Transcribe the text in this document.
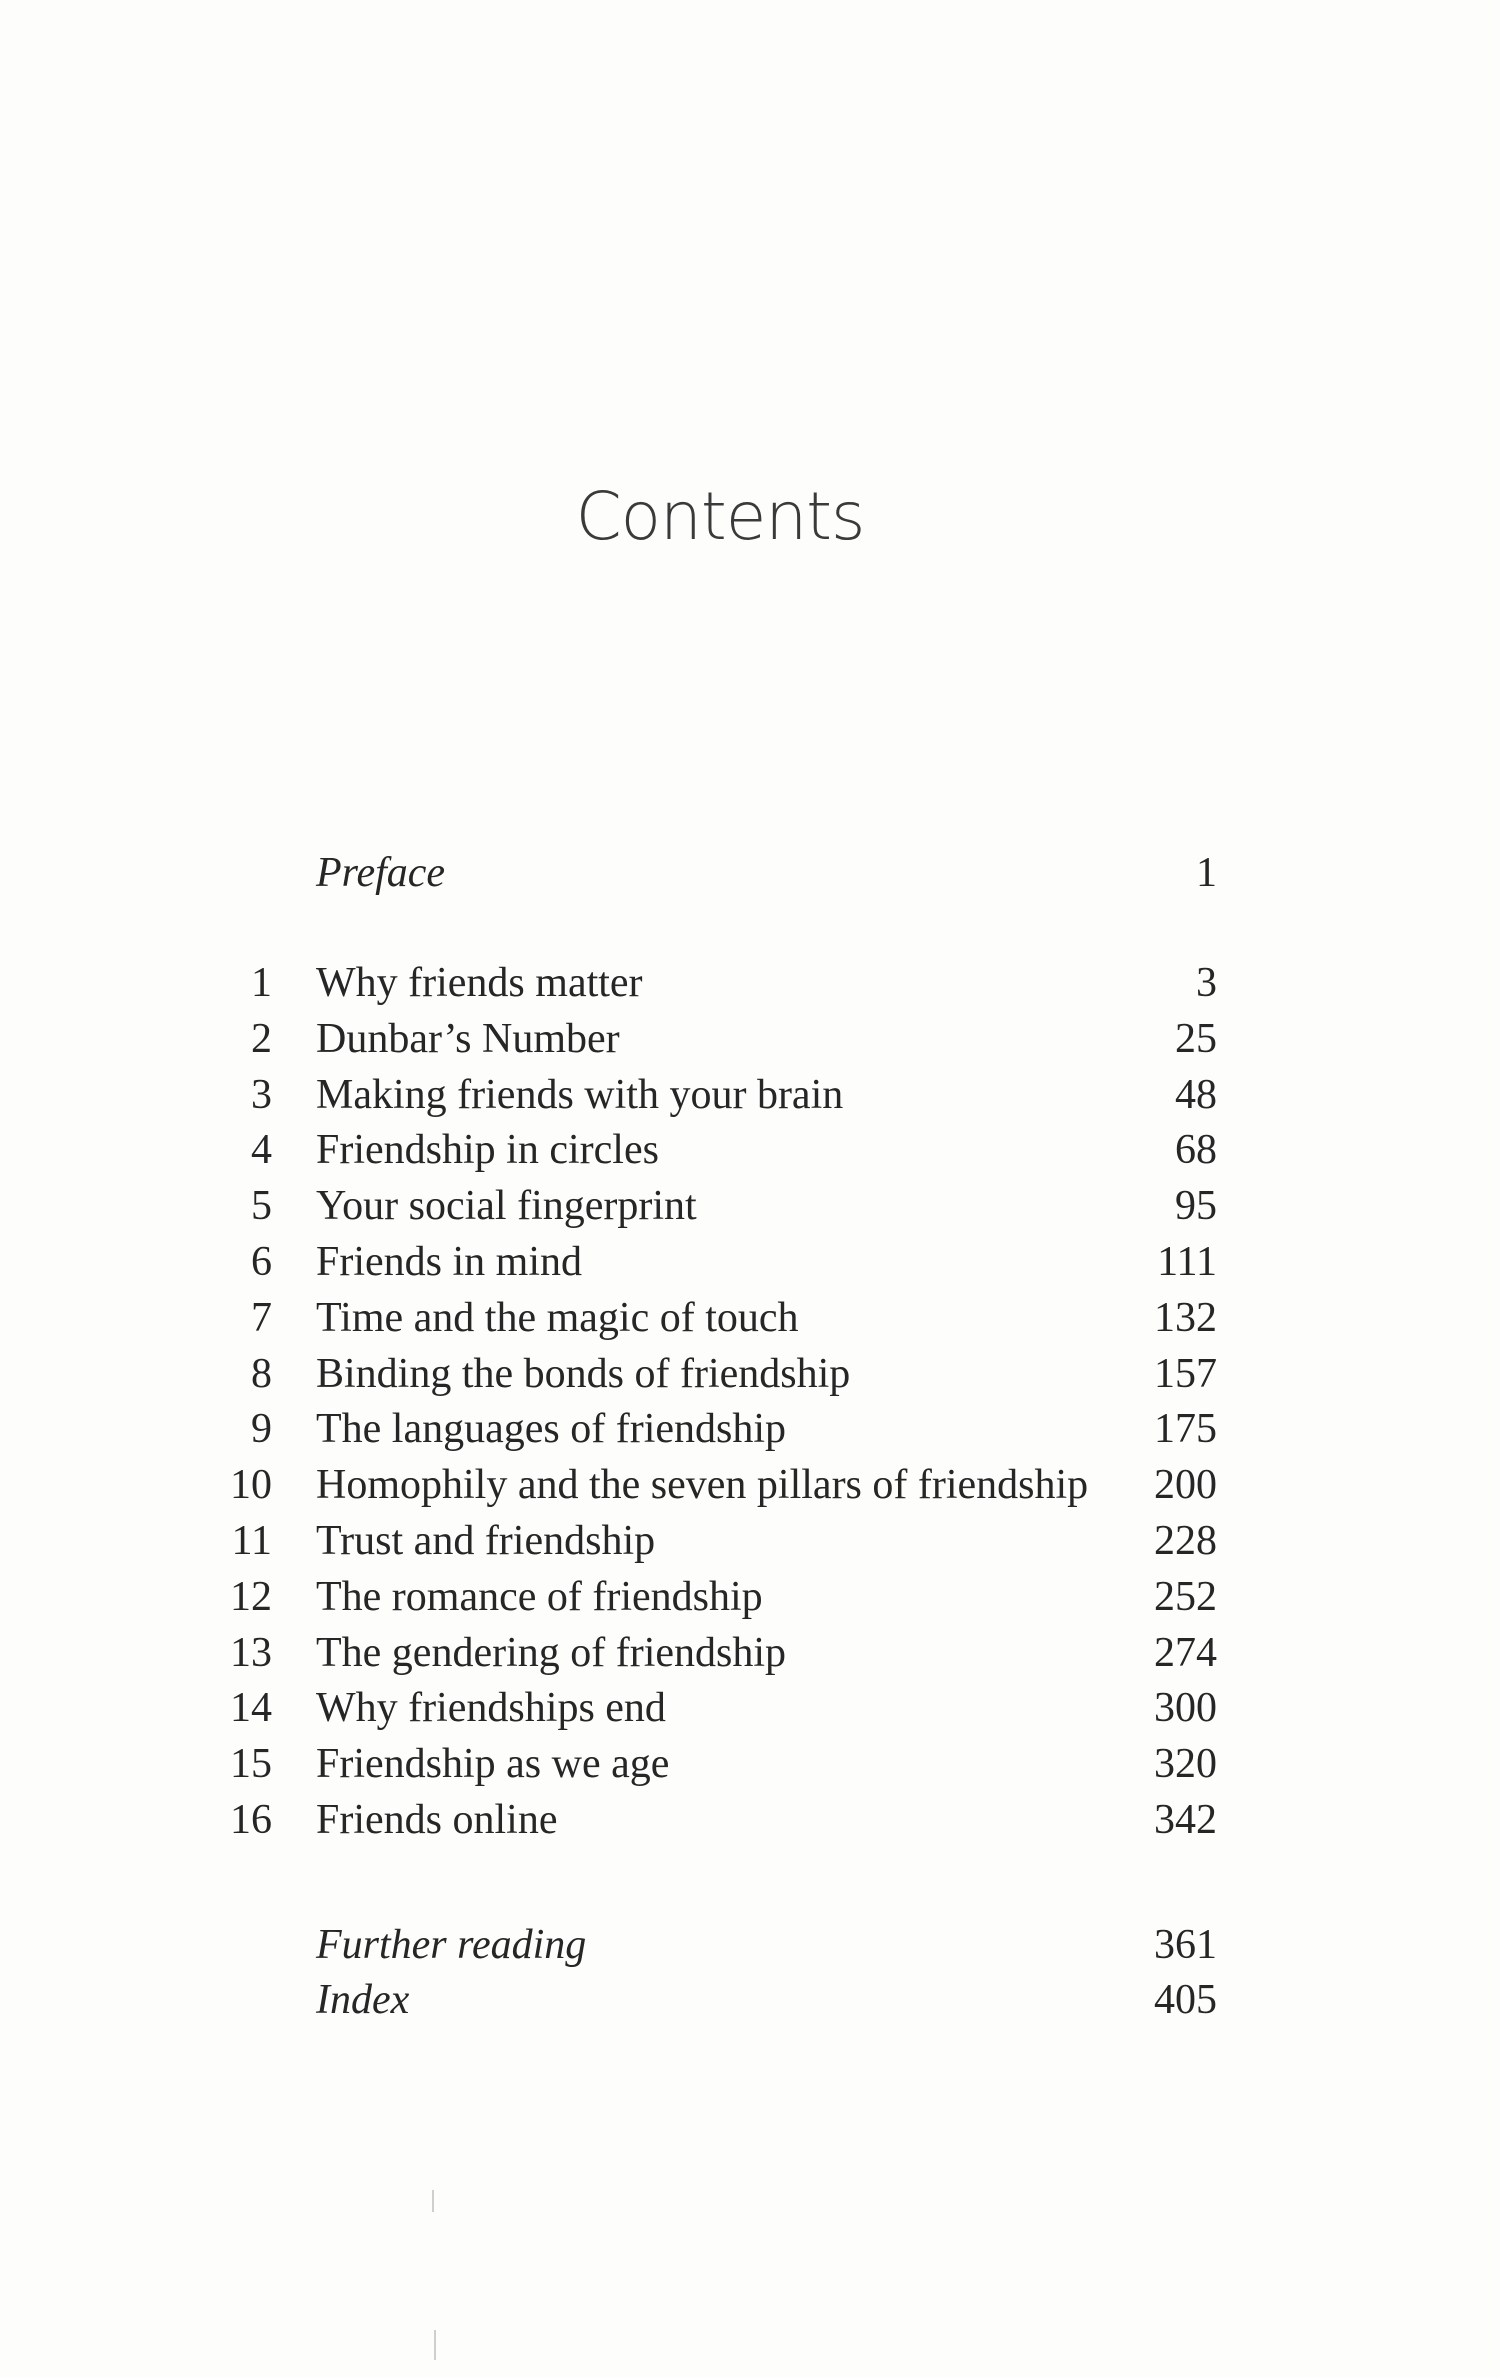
Contents
Preface	1
1 Why friends matter	3
2 Dunbar’s Number	25
3 Making friends with your brain	48
4 Friendship in circles	68
5 Your social fingerprint	95
6 Friends in mind	111
7 Time and the magic of touch	132
8 Binding the bonds of friendship	157
9 The languages of friendship	175
10 Homophily and the seven pillars of friendship 200
11 Trust and friendship	228
12 The romance of friendship	252
13 The gendering of friendship	274
14 Why friendships end	300
15 Friendship as we age	320
16 Friends online	342
Further reading	361
Index	405
